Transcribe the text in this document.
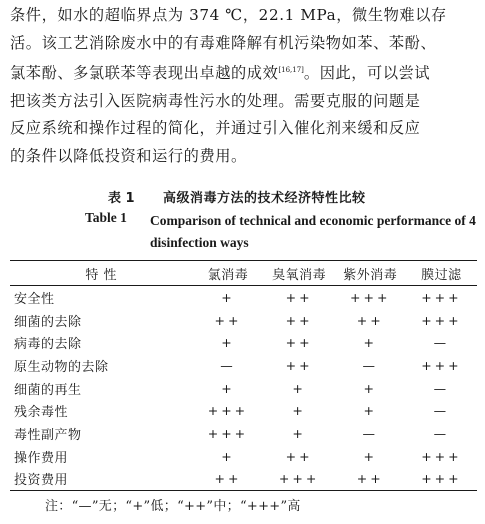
条件，如水的超临界点为 374 ℃，22.1 MPa，微生物难以存
活。该工艺消除废水中的有毒难降解有机污染物如苯、苯酚、
氯苯酚、多氯联苯等表现出卓越的成效[16,17]。因此，可以尝试
把该类方法引入医院病毒性污水的处理。需要克服的问题是
反应系统和操作过程的简化，并通过引入催化剂来缓和反应
的条件以降低投资和运行的费用。
表 1 高级消毒方法的技术经济特性比较
Table 1 Comparison of technical and economic performance of 4 disinfection ways
特 性	氯消毒	臭氧消毒	紫外消毒	膜过滤
安全性	+	++	+++	+++
细菌的去除	++	++	++	+++
病毒的去除	+	++	+	—
原生动物的去除	—	++	—	+++
细菌的再生	+	+	+	—
残余毒性	+++	+	+	—
毒性副产物	+++	+	—	—
操作费用	+	++	+	+++
投资费用	++	+++	++	+++
注：“—”无；“+”低；“++”中；“+++”高
